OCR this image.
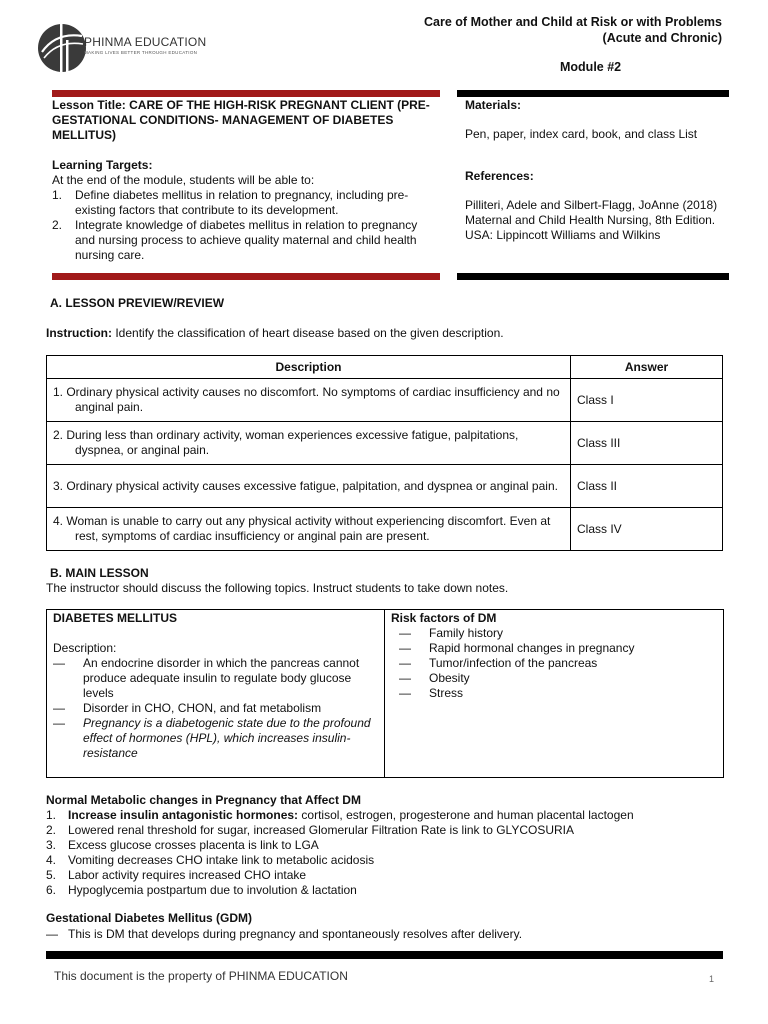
PHINMA EDUCATION
MAKING LIVES BETTER THROUGH EDUCATION
Care of Mother and Child at Risk or with Problems (Acute and Chronic)
Module #2
Lesson Title: CARE OF THE HIGH-RISK PREGNANT CLIENT (PRE-GESTATIONAL CONDITIONS- MANAGEMENT OF DIABETES MELLITUS)
Learning Targets:
At the end of the module, students will be able to:
1. Define diabetes mellitus in relation to pregnancy, including pre-existing factors that contribute to its development.
2. Integrate knowledge of diabetes mellitus in relation to pregnancy and nursing process to achieve quality maternal and child health nursing care.
Materials:
Pen, paper, index card, book, and class List
References:
Pilliteri, Adele and Silbert-Flagg, JoAnne (2018) Maternal and Child Health Nursing, 8th Edition. USA: Lippincott Williams and Wilkins
A. LESSON PREVIEW/REVIEW
Instruction: Identify the classification of heart disease based on the given description.
Description	Answer

1. Ordinary physical activity causes no discomfort. No symptoms of cardiac insufficiency and no anginal pain.	Class I

2. During less than ordinary activity, woman experiences excessive fatigue, palpitations, dyspnea, or anginal pain.	Class III

3. Ordinary physical activity causes excessive fatigue, palpitation, and dyspnea or anginal pain.	Class II

4. Woman is unable to carry out any physical activity without experiencing discomfort. Even at rest, symptoms of cardiac insufficiency or anginal pain are present.	Class IV
B. MAIN LESSON
The instructor should discuss the following topics. Instruct students to take down notes.
DIABETES MELLITUS
Description:
— An endocrine disorder in which the pancreas cannot produce adequate insulin to regulate body glucose levels
— Disorder in CHO, CHON, and fat metabolism
— Pregnancy is a diabetogenic state due to the profound effect of hormones (HPL), which increases insulin-resistance

Risk factors of DM
— Family history
— Rapid hormonal changes in pregnancy
— Tumor/infection of the pancreas
— Obesity
— Stress
Normal Metabolic changes in Pregnancy that Affect DM
1. Increase insulin antagonistic hormones: cortisol, estrogen, progesterone and human placental lactogen
2. Lowered renal threshold for sugar, increased Glomerular Filtration Rate is link to GLYCOSURIA
3. Excess glucose crosses placenta is link to LGA
4. Vomiting decreases CHO intake link to metabolic acidosis
5. Labor activity requires increased CHO intake
6. Hypoglycemia postpartum due to involution & lactation
Gestational Diabetes Mellitus (GDM)
— This is DM that develops during pregnancy and spontaneously resolves after delivery.
This document is the property of PHINMA EDUCATION	1
